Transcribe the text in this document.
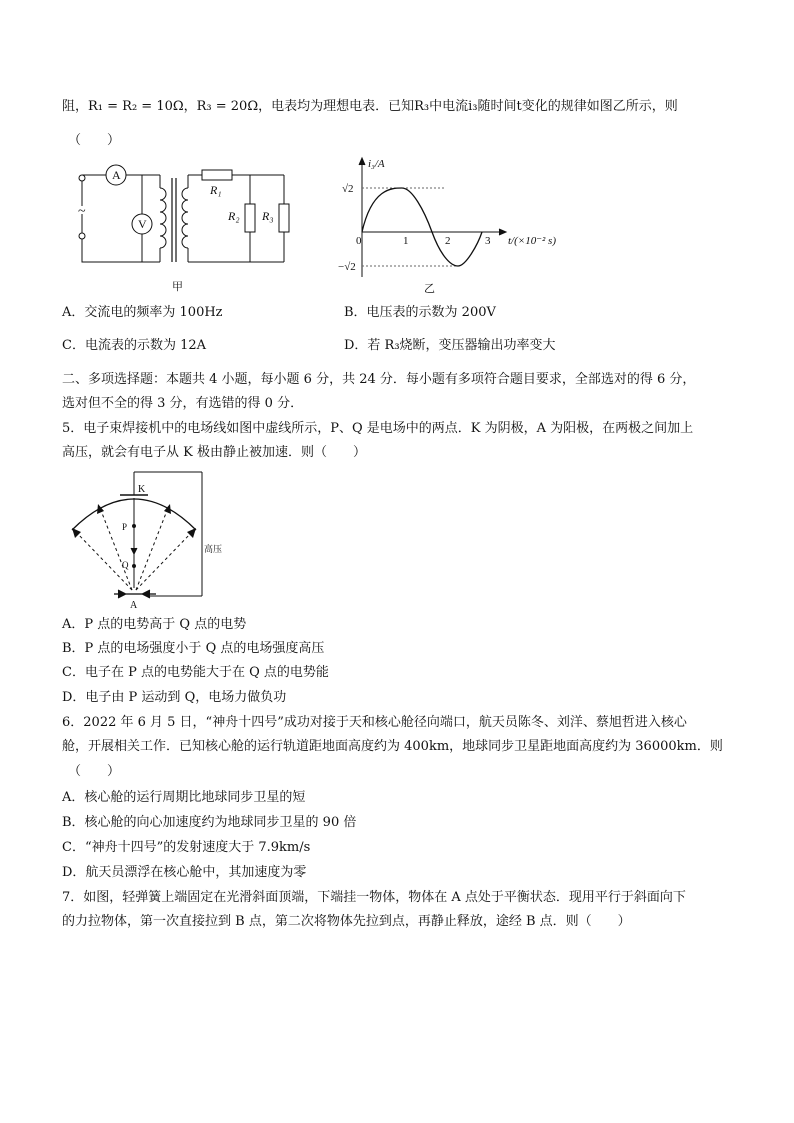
阻，R₁ = R₂ = 10Ω，R₃ = 20Ω，电表均为理想电表．已知R₃中电流i₃随时间t变化的规律如图乙所示，则
（　　）
A
V
~
R₁
R₂ R₃
甲
i₃/A
√2
−√2
0	1	2	3 t/(×10⁻² s)
乙
A．交流电的频率为 100Hz	B．电压表的示数为 200V
C．电流表的示数为 12A	D．若 R₃烧断，变压器输出功率变大
二、多项选择题：本题共 4 小题，每小题 6 分，共 24 分．每小题有多项符合题目要求，全部选对的得 6 分，
选对但不全的得 3 分，有选错的得 0 分．
5．电子束焊接机中的电场线如图中虚线所示，P、Q 是电场中的两点．K 为阴极，A 为阳极，在两极之间加上
高压，就会有电子从 K 极由静止被加速．则（　　）
K
P
Q
A
高压
A．P 点的电势高于 Q 点的电势
B．P 点的电场强度小于 Q 点的电场强度高压
C．电子在 P 点的电势能大于在 Q 点的电势能
D．电子由 P 运动到 Q，电场力做负功
6．2022 年 6 月 5 日，“神舟十四号”成功对接于天和核心舱径向端口，航天员陈冬、刘洋、蔡旭哲进入核心
舱，开展相关工作．已知核心舱的运行轨道距地面高度约为 400km，地球同步卫星距地面高度约为 36000km．则
（　　）
A．核心舱的运行周期比地球同步卫星的短
B．核心舱的向心加速度约为地球同步卫星的 90 倍
C．“神舟十四号”的发射速度大于 7.9km/s
D．航天员漂浮在核心舱中，其加速度为零
7．如图，轻弹簧上端固定在光滑斜面顶端，下端挂一物体，物体在 A 点处于平衡状态．现用平行于斜面向下
的力拉物体，第一次直接拉到 B 点，第二次将物体先拉到点，再静止释放，途经 B 点．则（　　）
